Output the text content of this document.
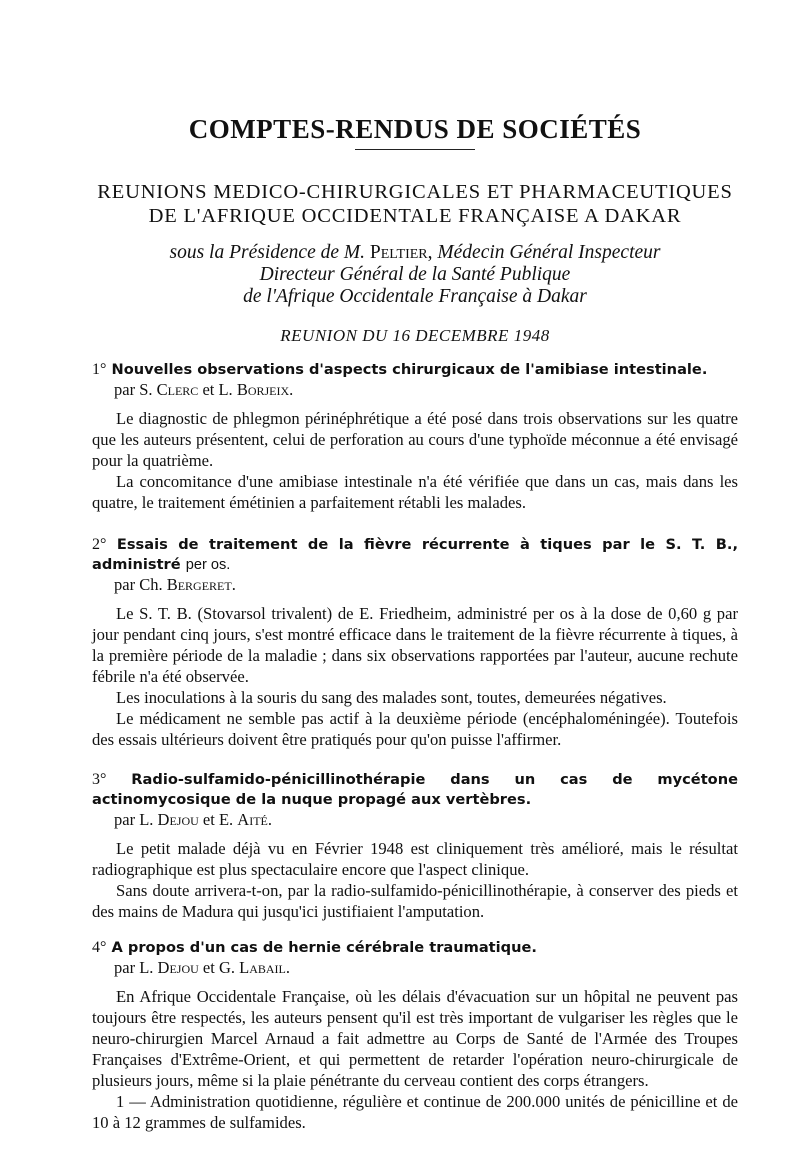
COMPTES-RENDUS DE SOCIÉTÉS
REUNIONS MEDICO-CHIRURGICALES ET PHARMACEUTIQUES
DE L'AFRIQUE OCCIDENTALE FRANÇAISE A DAKAR
sous la Présidence de M. Peltier, Médecin Général Inspecteur
Directeur Général de la Santé Publique
de l'Afrique Occidentale Française à Dakar
REUNION DU 16 DECEMBRE 1948

1° Nouvelles observations d'aspects chirurgicaux de l'amibiase intestinale.

par S. Clerc et L. Borjeix.

Le diagnostic de phlegmon périnéphrétique a été posé dans trois observations sur les quatre que les auteurs présentent, celui de perforation au cours d'une typhoïde méconnue a été envisagé pour la quatrième.

La concomitance d'une amibiase intestinale n'a été vérifiée que dans un cas, mais dans les quatre, le traitement émétinien a parfaitement rétabli les malades.

2° Essais de traitement de la fièvre récurrente à tiques par le S. T. B., administré per os.

par Ch. Bergeret.

Le S. T. B. (Stovarsol trivalent) de E. Friedheim, administré per os à la dose de 0,60 g par jour pendant cinq jours, s'est montré efficace dans le traitement de la fièvre récurrente à tiques, à la première période de la maladie ; dans six observations rapportées par l'auteur, aucune rechute fébrile n'a été observée.

Les inoculations à la souris du sang des malades sont, toutes, demeurées négatives.

Le médicament ne semble pas actif à la deuxième période (encéphaloméningée). Toutefois des essais ultérieurs doivent être pratiqués pour qu'on puisse l'affirmer.

3° Radio-sulfamido-pénicillinothérapie dans un cas de mycétone actinomycosique de la nuque propagé aux vertèbres.

par L. Dejou et E. Aité.

Le petit malade déjà vu en Février 1948 est cliniquement très amélioré, mais le résultat radiographique est plus spectaculaire encore que l'aspect clinique.

Sans doute arrivera-t-on, par la radio-sulfamido-pénicillinothérapie, à conserver des pieds et des mains de Madura qui jusqu'ici justifiaient l'amputation.

4° A propos d'un cas de hernie cérébrale traumatique.

par L. Dejou et G. Labail.

En Afrique Occidentale Française, où les délais d'évacuation sur un hôpital ne peuvent pas toujours être respectés, les auteurs pensent qu'il est très important de vulgariser les règles que le neuro-chirurgien Marcel Arnaud a fait admettre au Corps de Santé de l'Armée des Troupes Françaises d'Extrême-Orient, et qui permettent de retarder l'opération neuro-chirurgicale de plusieurs jours, même si la plaie pénétrante du cerveau contient des corps étrangers.

1 — Administration quotidienne, régulière et continue de 200.000 unités de pénicilline et de 10 à 12 grammes de sulfamides.
